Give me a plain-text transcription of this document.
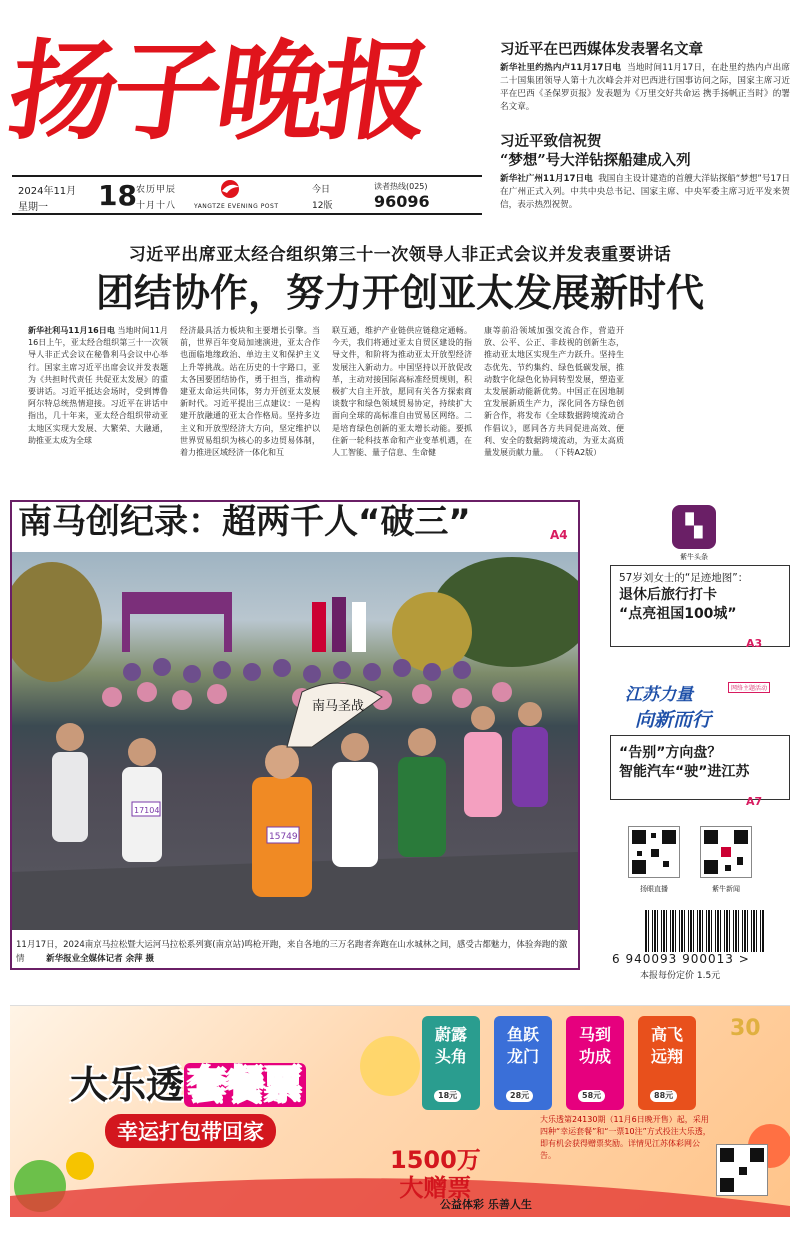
扬子晚报
2024年11月
星期一 18 农历甲辰
十月十八	YANGTZE EVENING POST
今日
12版
读者热线(025)
96096
习近平在巴西媒体发表署名文章

新华社里约热内卢11月17日电 当地时间11月17日，在赴里约热内卢出席二十国集团领导人第十九次峰会并对巴西进行国事访问之际，国家主席习近平在巴西《圣保罗页报》发表题为《万里交好共命运 携手扬帆正当时》的署名文章。

习近平致信祝贺
“梦想”号大洋钻探船建成入列

新华社广州11月17日电 我国自主设计建造的首艘大洋钻探船“梦想”号17日在广州正式入列。中共中央总书记、国家主席、中央军委主席习近平发来贺信，表示热烈祝贺。

习近平出席亚太经合组织第三十一次领导人非正式会议并发表重要讲话
团结协作，努力开创亚太发展新时代
新华社利马11月16日电 当地时间11月16日上午，亚太经合组织第三十一次领导人非正式会议在秘鲁利马会议中心举行。国家主席习近平出席会议并发表题为《共担时代责任 共促亚太发展》的重要讲话。习近平抵达会场时，受到博鲁阿尔特总统热情迎接。习近平在讲话中指出，几十年来，亚太经合组织带动亚太地区实现大发展、大繁荣、大融通，助推亚太成为全球
经济最具活力板块和主要增长引擎。当前，世界百年变局加速演进，亚太合作也面临地缘政治、单边主义和保护主义上升等挑战。站在历史的十字路口，亚太各国要团结协作，勇于担当，推动构建亚太命运共同体，努力开创亚太发展新时代。习近平提出三点建议：一是构建开放融通的亚太合作格局。坚持多边主义和开放型经济大方向，坚定维护以世界贸易组织为核心的多边贸易体制，着力推进区域经济一体化和互
联互通，维护产业链供应链稳定通畅。今天，我们将通过亚太自贸区建设的指导文件，和阶将为推动亚太开放型经济发展注入新动力。中国坚持以开放促改革，主动对接国际高标准经贸规则，积极扩大自主开放，愿同有关各方探索商谈数字和绿色领域贸易协定，持续扩大面向全球的高标准自由贸易区网络。二是培育绿色创新的亚太增长动能。要抓住新一轮科技革命和产业变革机遇，在人工智能、量子信息、生命健
康等前沿领域加强交流合作，营造开放、公平、公正、非歧视的创新生态，推动亚太地区实现生产力跃升。坚持生态优先、节约集约、绿色低碳发展，推动数字化绿色化协同转型发展，塑造亚太发展新动能新优势。中国正在因地制宜发展新质生产力，深化同各方绿色创新合作，将发布《全球数据跨境流动合作倡议》，愿同各方共同促进高效、便利、安全的数据跨境流动，为亚太高质量发展贡献力量。 （下转A2版）
南马创纪录：超两千人“破三”	A4
南马圣战
17104
15749
11月17日，2024南京马拉松暨大运河马拉松系列赛(南京站)鸣枪开跑，来自各地的三万名跑者奔跑在山水城林之间，感受古都魅力，体验奔跑的激情	新华报业全媒体记者 余萍 摄
▚
紫牛头条
57岁刘女士的“足迹地图”：
退休后旅行打卡
“点亮祖国100城”
A3
江苏力量
向新而行
网络主题活动
“告别”方向盘？
智能汽车“驶”进江苏
A7
扬眼直播	紫牛新闻
6 940093 900013 >
本报每份定价 1.5元
大乐透 套餐票
幸运打包带回家
1500万
大赠票
蔚露
头角
18元
鱼跃
龙门
28元
马到
功成
58元
高飞
远翔
88元
30
大乐透第24130期（11月6日晚开售）起，采用四种“幸运套餐”和“一票10注”方式投注大乐透，即有机会获得赠票奖励。详情见江苏体彩网公告。
公益体彩 乐善人生
